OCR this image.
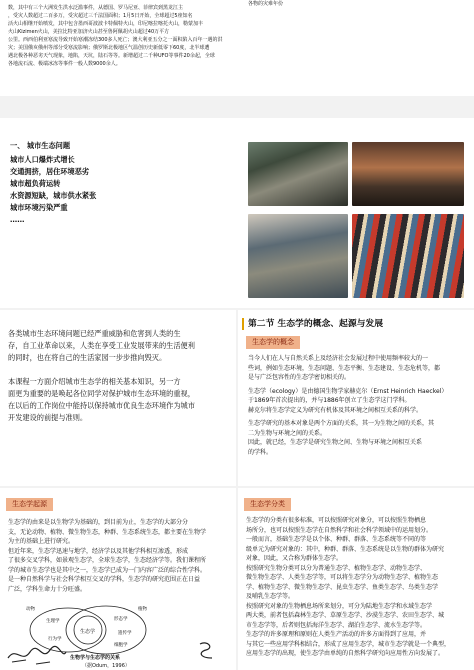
数，其中有三个大洲发生洪水泛滥事件，从德国、罗马尼亚、菲律宾到黑龙江主
，受灾人数超过二百多万，受灾超过三千法国面积；1月5日开始，全球超过5座知名
活火山相继开始喷发，其中包含墨西哥波波卡特佩特火山，印尼喀拉喀托火山，勒蒙加丰
火山Kizimen火山，美拉比特亚加济火山甚至鲁阿佩胡火山超过40万平方
公里。西西伯利亚寒流导致开始寒潮冻结300多人死亡；澳大利亚五分之一面积陷入百年一遇的洪
灾；美国俄亥俄州等部分受寒流影响；俄罗斯北极地区气温创历史新低零下60度，北半球遭
遇北极各种恶劣天气现象，地陷，天坑，陆石等等。新增超过二千种UFO等事件20余起，全球
各地流石流、极端冰冻等事件一般人数9000余人。
各物的灾难年份
一、 城市生态问题
城市人口爆炸式增长
交通拥挤，居住环境恶劣
城市超负荷运转
水资源短缺，城市供水紧张
城市环境污染严重
……
各类城市生态环境问题已经严重威胁和危害到人类的生
存，自工业革命以来，人类在享受工业发展带来的生活便利
的同时，也在将自己的生活家园一步步推向毁灭。
本课程一方面介绍城市生态学的相关基本知识，另一方
面更为重要的是唤起各位同学对保护城市生态环境的重视，
在以后的工作岗位中能持以保持城市优良生态环境作为城市
开发建设的前提与准则。
第二节 生态学的概念、起源与发展
生态学的概念
当今人们在人与自然关系上及经济社会发展过程中使用频率较大的一
些词，例如生态环境，生态问题、生态平衡、生态建设、生态危机等，都
是与广泛包容性的生态学密切相关的。
生态学（ecology）是由德国生物学家赫克尔（Ernst Heinrich Haeckel）
于1869年首次提出的，并与1886年创立了生态学这门学科。
赫克尔将生态学定义为研究有机体及其环境之间相互关系的科学。
生态学研究的基本对象是两个方面的关系，其一为生物之间的关系，其
二为生物与环境之间的关系。
因此，就已经，生态学是研究生物之间、生物与环境之间相互关系
的学科。
生态学起源
生态学的由来是以生物学为基础的，到目前为止，生态学的大部分分
支，无论动物、植物、微生物生态，种群、生态系统生态，都主要在生物学
为主的基础上进行研究。
但近年来，生态学迅速与地学，经济学以及其他学科相互渗透，形成
了很多交叉学科，如景观生态学，全球生态学，生态经济学等。我们课程所
学的城市生态学也是其中之一，生态学已成为一门内容广泛的综合性学科。
是一种自然科学与社会科学相互交叉的学科，生态学的研究范围正在日益
广泛，学科生命力十分旺盛。
生态学
生理学
行为学
形态学
遗传学
细胞学
动物	植物
生物学与生态学的关系
（据Odum，1996）
生态学分类
生态学的分类有很多标准，可以按照研究对象分，可以按照生物栖息
场所分，也可以按照生态学在自然科学和社会科学领域中的运用划分。
一般而言，基础生态学是以个体、种群、群落、生态系统等不同的等
级单元为研究对象的：其中，种群、群落、生态系统是以生物的群体为研究
对象，因此，又合称为群体生态学。
按照研究生物分类可以分为普通生态学、植物生态学、动物生态学、
微生物生态学、人类生态学等，可以将生态学分为动物生态学、植物生态
学、植物生态学、微生物生态学、昆虫生态学、鱼类生态学、鸟类生态学
及哺乳生态学等。
按照研究对象的生物栖息场所来划分，可分为陆地生态学和水域生态学
两大类，前者包括森林生态学、草原生态学、沙漠生态学、农田生态学、城
市生态学等，后者则包括海洋生态学、湖泊生态学、流水生态学等。
生态学的许多原理和原则在人类生产活动的许多方面得到了应用，并
与其它一些应用学科相结合，形成了应用生态学，城市生态学就是一个典型，
应用生态学的出现，使生态学由单纯的自然科学研究向应用性方向发展了。
